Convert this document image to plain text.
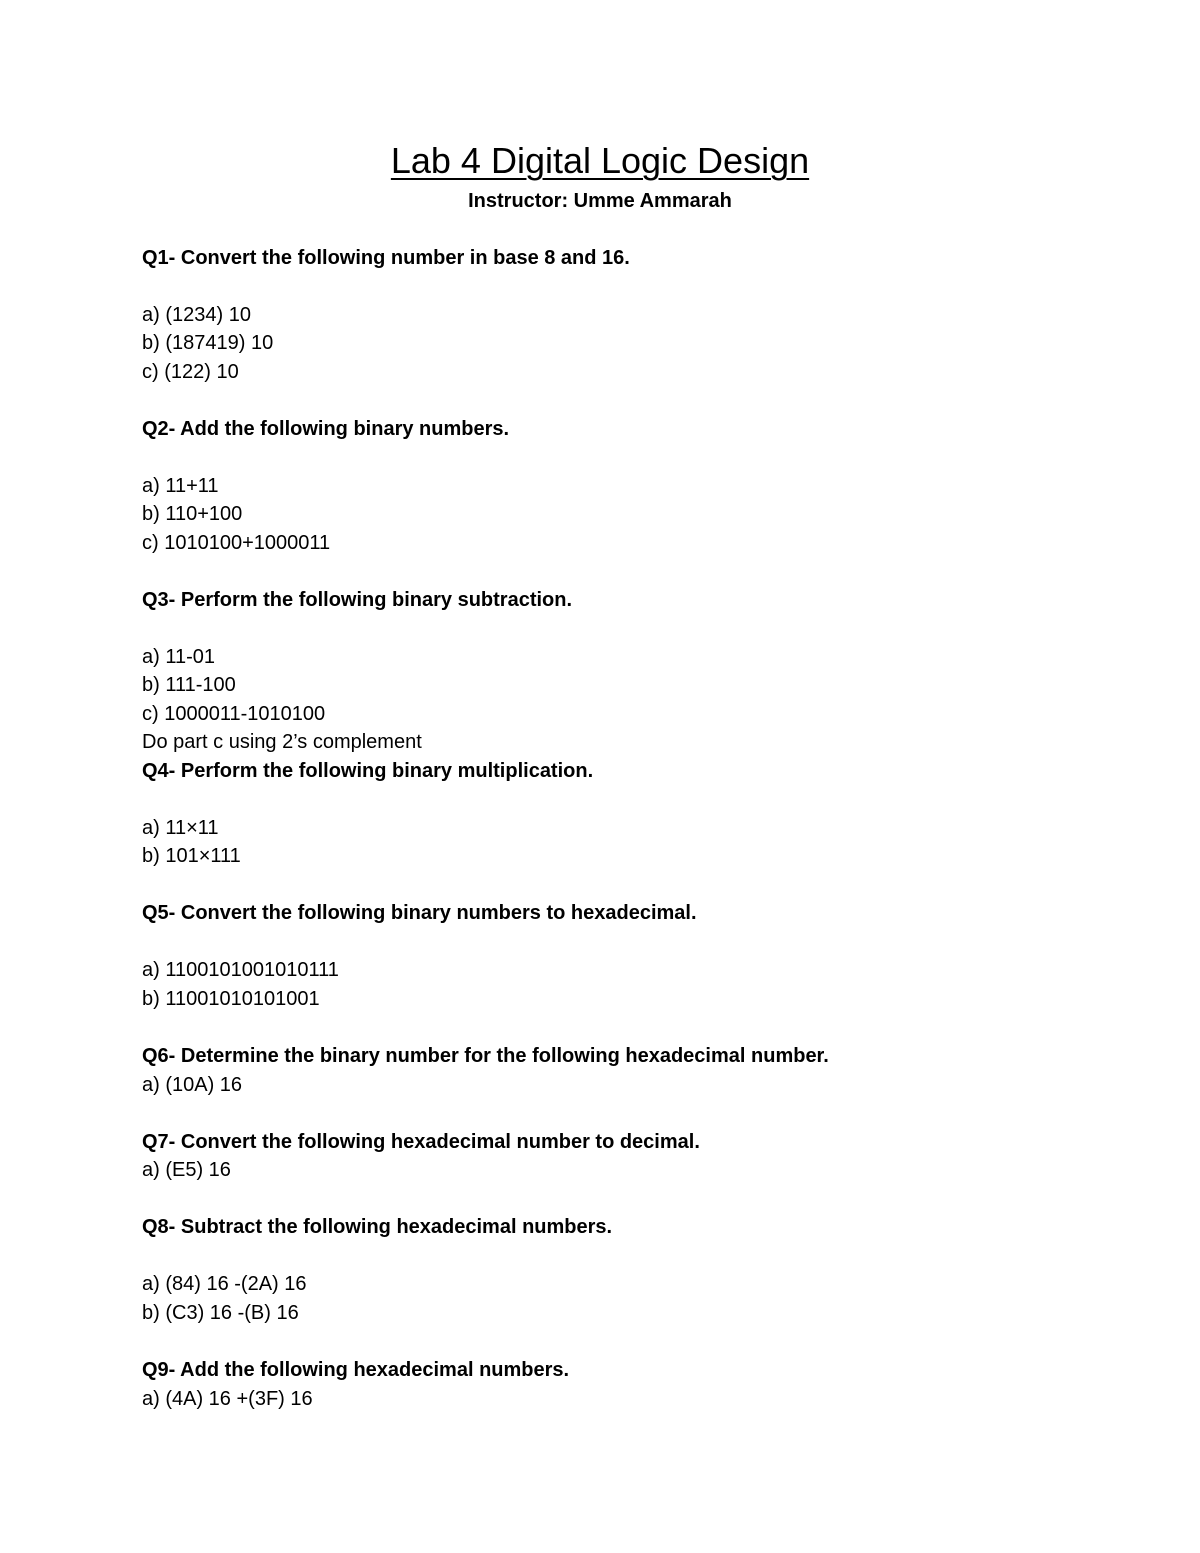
Lab 4 Digital Logic Design
Instructor: Umme Ammarah
Q1- Convert the following number in base 8 and 16.
a) (1234) 10
b) (187419) 10
c) (122) 10
Q2- Add the following binary numbers.
a) 11+11
b) 110+100
c) 1010100+1000011
Q3- Perform the following binary subtraction.
a) 11-01
b) 111-100
c) 1000011-1010100
Do part c using 2’s complement
Q4- Perform the following binary multiplication.
a) 11×11
b) 101×111
Q5- Convert the following binary numbers to hexadecimal.
a) 1100101001010111
b) 11001010101001
Q6- Determine the binary number for the following hexadecimal number.
a) (10A) 16
Q7- Convert the following hexadecimal number to decimal.
a) (E5) 16
Q8- Subtract the following hexadecimal numbers.
a) (84) 16 -(2A) 16
b) (C3) 16 -(B) 16
Q9- Add the following hexadecimal numbers.
a) (4A) 16 +(3F) 16
